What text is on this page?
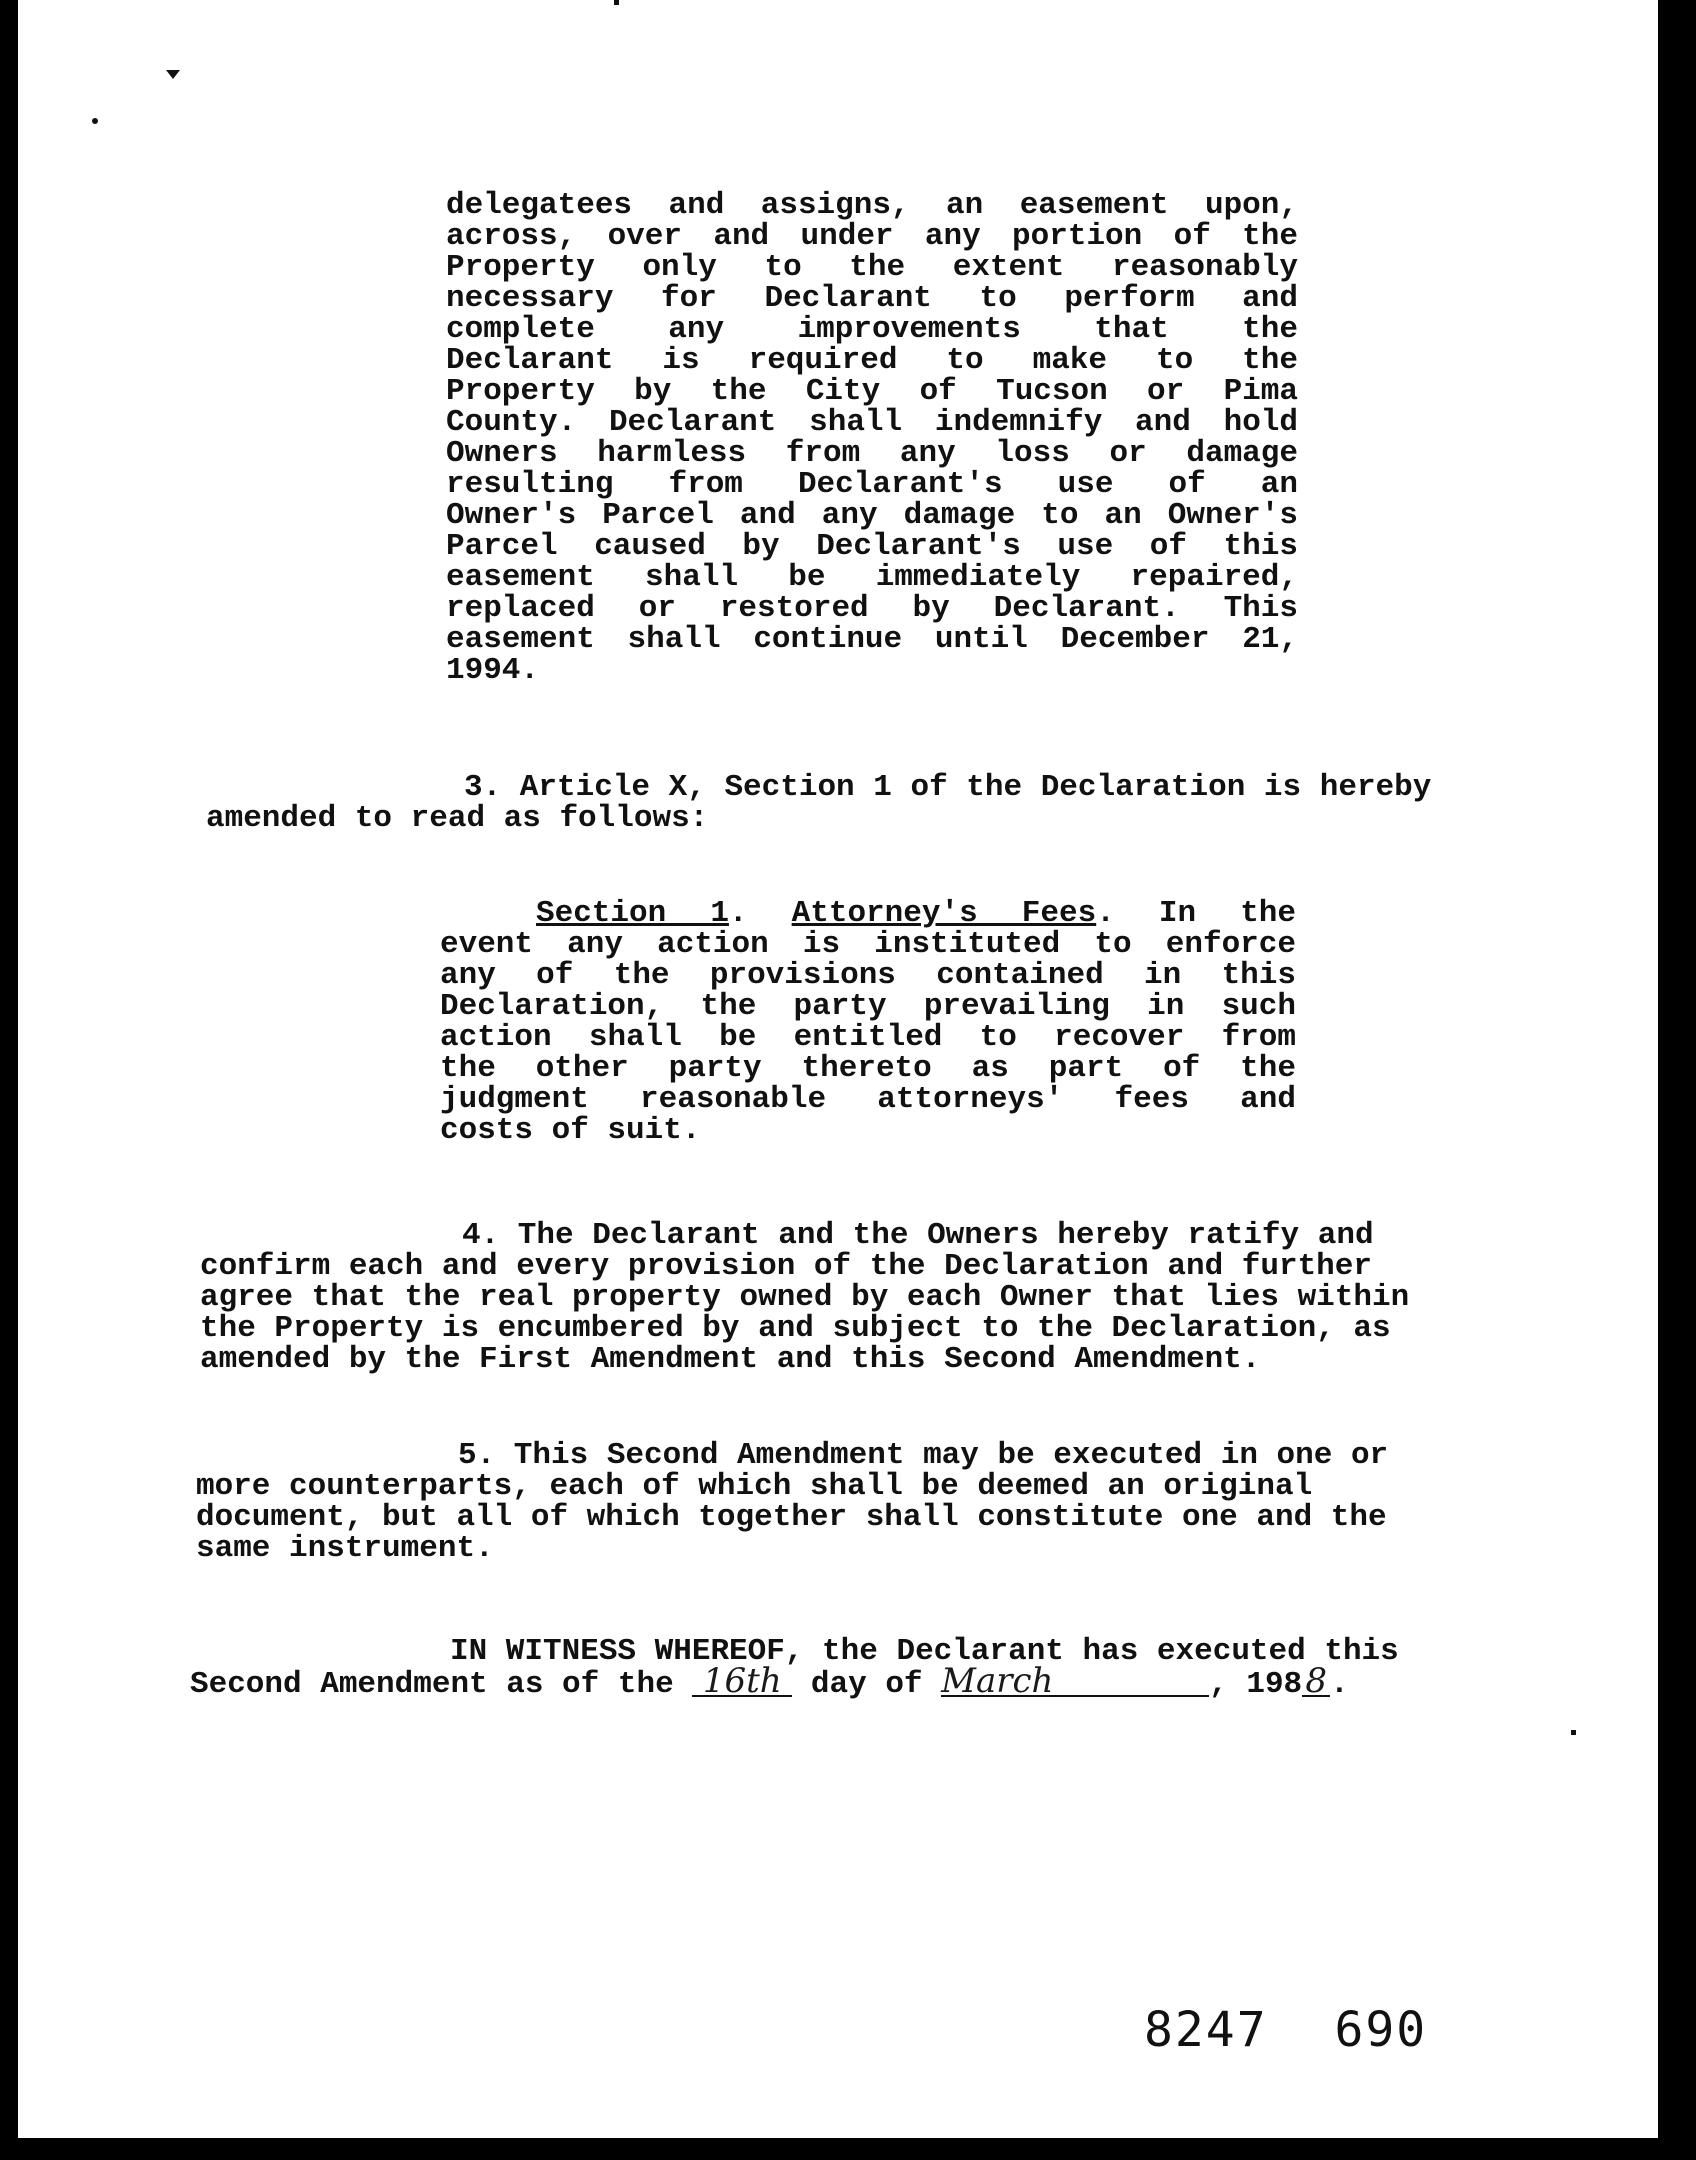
delegatees and assigns, an easement upon,
across, over and under any portion of the
Property only to the extent reasonably
necessary for Declarant to perform and
complete any improvements that the
Declarant is required to make to the
Property by the City of Tucson or Pima
County. Declarant shall indemnify and hold
Owners harmless from any loss or damage
resulting from Declarant's use of an
Owner's Parcel and any damage to an Owner's
Parcel caused by Declarant's use of this
easement shall be immediately repaired,
replaced or restored by Declarant. This
easement shall continue until December 21,
1994.
3. Article X, Section 1 of the Declaration is hereby
amended to read as follows:
Section 1. Attorney's Fees. In the
event any action is instituted to enforce
any of the provisions contained in this
Declaration, the party prevailing in such
action shall be entitled to recover from
the other party thereto as part of the
judgment reasonable attorneys' fees and
costs of suit.
4. The Declarant and the Owners hereby ratify and
confirm each and every provision of the Declaration and further
agree that the real property owned by each Owner that lies within
the Property is encumbered by and subject to the Declaration, as
amended by the First Amendment and this Second Amendment.
5. This Second Amendment may be executed in one or
more counterparts, each of which shall be deemed an original
document, but all of which together shall constitute one and the
same instrument.
IN WITNESS WHEREOF, the Declarant has executed this
Second Amendment as of the 16th day of March	, 1988 .
8247 690
